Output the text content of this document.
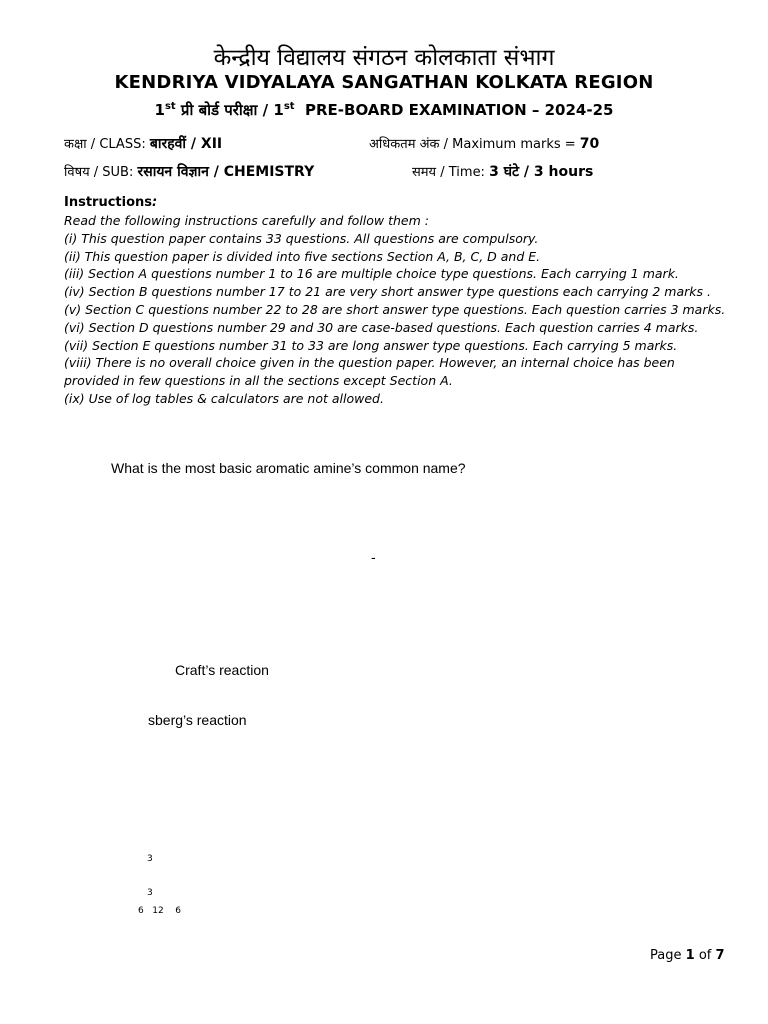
केन्द्रीय विद्यालय संगठन कोलकाता संभाग
KENDRIYA VIDYALAYA SANGATHAN KOLKATA REGION
1st प्री बोर्ड परीक्षा / 1st PRE-BOARD EXAMINATION – 2024-25
कक्षा / CLASS: बारहवीं / XII	अधिकतम अंक / Maximum marks = 70
विषय / SUB: रसायन विज्ञान / CHEMISTRY	समय / Time: 3 घंटे / 3 hours
Instructions:
Read the following instructions carefully and follow them :
(i) This question paper contains 33 questions. All questions are compulsory.
(ii) This question paper is divided into five sections Section A, B, C, D and E.
(iii) Section A questions number 1 to 16 are multiple choice type questions. Each carrying 1 mark.
(iv) Section B questions number 17 to 21 are very short answer type questions each carrying 2 marks .
(v) Section C questions number 22 to 28 are short answer type questions. Each question carries 3 marks.
(vi) Section D questions number 29 and 30 are case-based questions. Each question carries 4 marks.
(vii) Section E questions number 31 to 33 are long answer type questions. Each carrying 5 marks.
(viii) There is no overall choice given in the question paper. However, an internal choice has been
provided in few questions in all the sections except Section A.
(ix) Use of log tables & calculators are not allowed.
What is the most basic aromatic amine’s common name?
-
Craft’s reaction
sberg’s reaction
3
3
6   12    6
Page 1 of 7
